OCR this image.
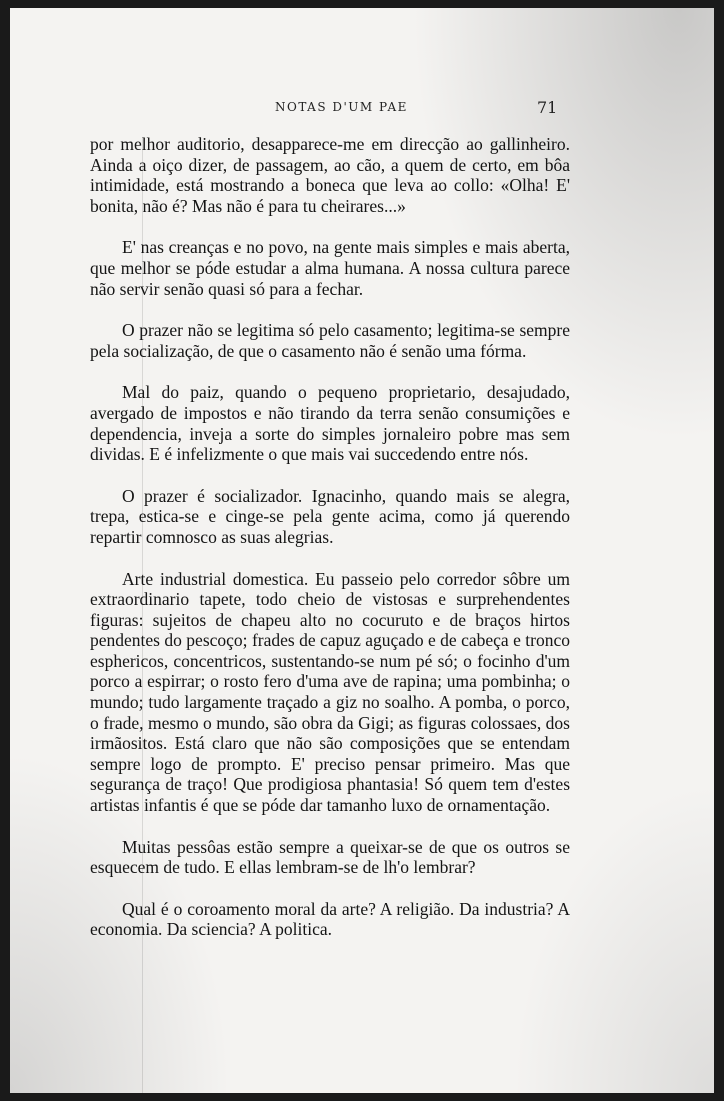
NOTAS D'UM PAE	71

por melhor auditorio, desapparece-me em direcção ao gallinheiro. Ainda a oiço dizer, de passagem, ao cão, a quem de certo, em bôa intimidade, está mostrando a boneca que leva ao collo: «Olha! E' bonita, não é? Mas não é para tu cheirares...»

E' nas creanças e no povo, na gente mais simples e mais aberta, que melhor se póde estudar a alma humana. A nossa cultura parece não servir senão quasi só para a fechar.

O prazer não se legitima só pelo casamento; legitima-se sempre pela socialização, de que o casamento não é senão uma fórma.

Mal do paiz, quando o pequeno proprietario, desajudado, avergado de impostos e não tirando da terra senão consumições e dependencia, inveja a sorte do simples jornaleiro pobre mas sem dividas. E é infelizmente o que mais vai succedendo entre nós.

O prazer é socializador. Ignacinho, quando mais se alegra, trepa, estica-se e cinge-se pela gente acima, como já querendo repartir comnosco as suas alegrias.

Arte industrial domestica. Eu passeio pelo corredor sôbre um extraordinario tapete, todo cheio de vistosas e surprehendentes figuras: sujeitos de chapeu alto no cocuruto e de braços hirtos pendentes do pescoço; frades de capuz aguçado e de cabeça e tronco esphericos, concentricos, sustentando-se num pé só; o focinho d'um porco a espirrar; o rosto fero d'uma ave de rapina; uma pombinha; o mundo; tudo largamente traçado a giz no soalho. A pomba, o porco, o frade, mesmo o mundo, são obra da Gigi; as figuras colossaes, dos irmãositos. Está claro que não são composições que se entendam sempre logo de prompto. E' preciso pensar primeiro. Mas que segurança de traço! Que prodigiosa phantasia! Só quem tem d'estes artistas infantis é que se póde dar tamanho luxo de ornamentação.

Muitas pessôas estão sempre a queixar-se de que os outros se esquecem de tudo. E ellas lembram-se de lh'o lembrar?

Qual é o coroamento moral da arte? A religião. Da industria? A economia. Da sciencia? A politica.
